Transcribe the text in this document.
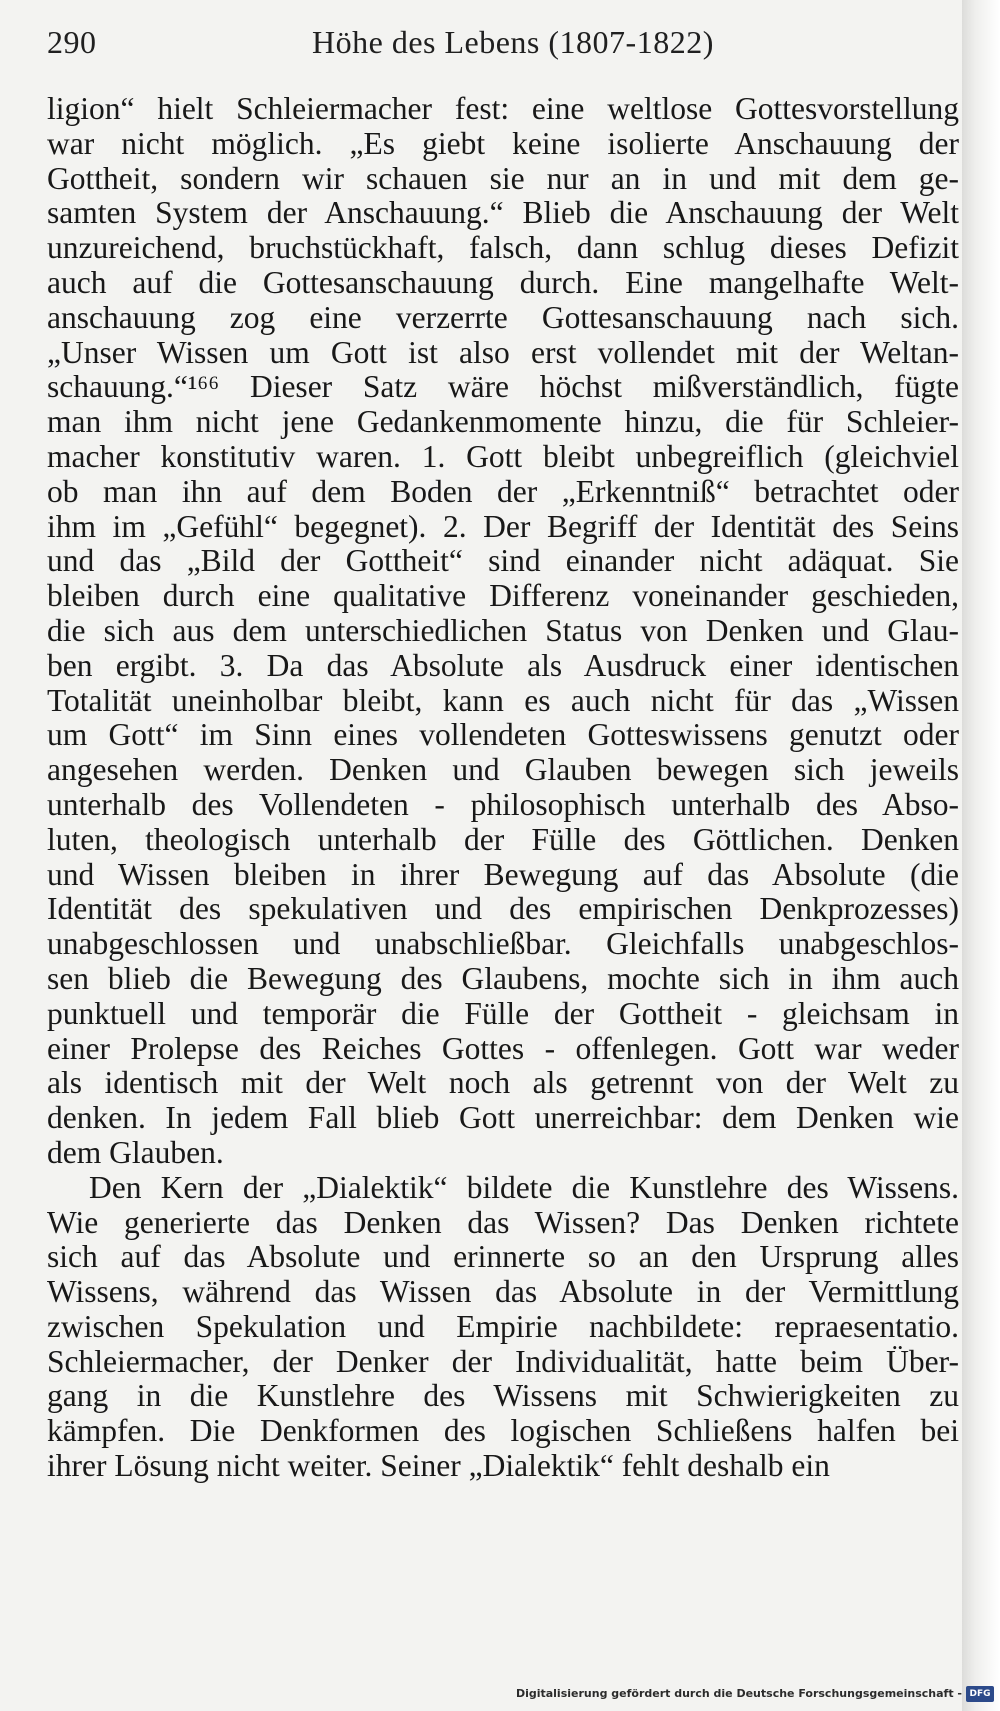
290	Höhe des Lebens (1807-1822)
ligion“ hielt Schleiermacher fest: eine weltlose Gottesvorstellung
war nicht möglich. „Es giebt keine isolierte Anschauung der
Gottheit, sondern wir schauen sie nur an in und mit dem ge-
samten System der Anschauung.“ Blieb die Anschauung der Welt
unzureichend, bruchstückhaft, falsch, dann schlug dieses Defizit
auch auf die Gottesanschauung durch. Eine mangelhafte Welt-
anschauung zog eine verzerrte Gottesanschauung nach sich.
„Unser Wissen um Gott ist also erst vollendet mit der Weltan-
schauung.“¹⁶⁶ Dieser Satz wäre höchst mißverständlich, fügte
man ihm nicht jene Gedankenmomente hinzu, die für Schleier-
macher konstitutiv waren. 1. Gott bleibt unbegreiflich (gleichviel
ob man ihn auf dem Boden der „Erkenntniß“ betrachtet oder
ihm im „Gefühl“ begegnet). 2. Der Begriff der Identität des Seins
und das „Bild der Gottheit“ sind einander nicht adäquat. Sie
bleiben durch eine qualitative Differenz voneinander geschieden,
die sich aus dem unterschiedlichen Status von Denken und Glau-
ben ergibt. 3. Da das Absolute als Ausdruck einer identischen
Totalität uneinholbar bleibt, kann es auch nicht für das „Wissen
um Gott“ im Sinn eines vollendeten Gotteswissens genutzt oder
angesehen werden. Denken und Glauben bewegen sich jeweils
unterhalb des Vollendeten - philosophisch unterhalb des Abso-
luten, theologisch unterhalb der Fülle des Göttlichen. Denken
und Wissen bleiben in ihrer Bewegung auf das Absolute (die
Identität des spekulativen und des empirischen Denkprozesses)
unabgeschlossen und unabschließbar. Gleichfalls unabgeschlos-
sen blieb die Bewegung des Glaubens, mochte sich in ihm auch
punktuell und temporär die Fülle der Gottheit - gleichsam in
einer Prolepse des Reiches Gottes - offenlegen. Gott war weder
als identisch mit der Welt noch als getrennt von der Welt zu
denken. In jedem Fall blieb Gott unerreichbar: dem Denken wie
dem Glauben.
Den Kern der „Dialektik“ bildete die Kunstlehre des Wissens.
Wie generierte das Denken das Wissen? Das Denken richtete
sich auf das Absolute und erinnerte so an den Ursprung alles
Wissens, während das Wissen das Absolute in der Vermittlung
zwischen Spekulation und Empirie nachbildete: repraesentatio.
Schleiermacher, der Denker der Individualität, hatte beim Über-
gang in die Kunstlehre des Wissens mit Schwierigkeiten zu
kämpfen. Die Denkformen des logischen Schließens halfen bei
ihrer Lösung nicht weiter. Seiner „Dialektik“ fehlt deshalb ein
Digitalisierung gefördert durch die Deutsche Forschungsgemeinschaft - DFG
